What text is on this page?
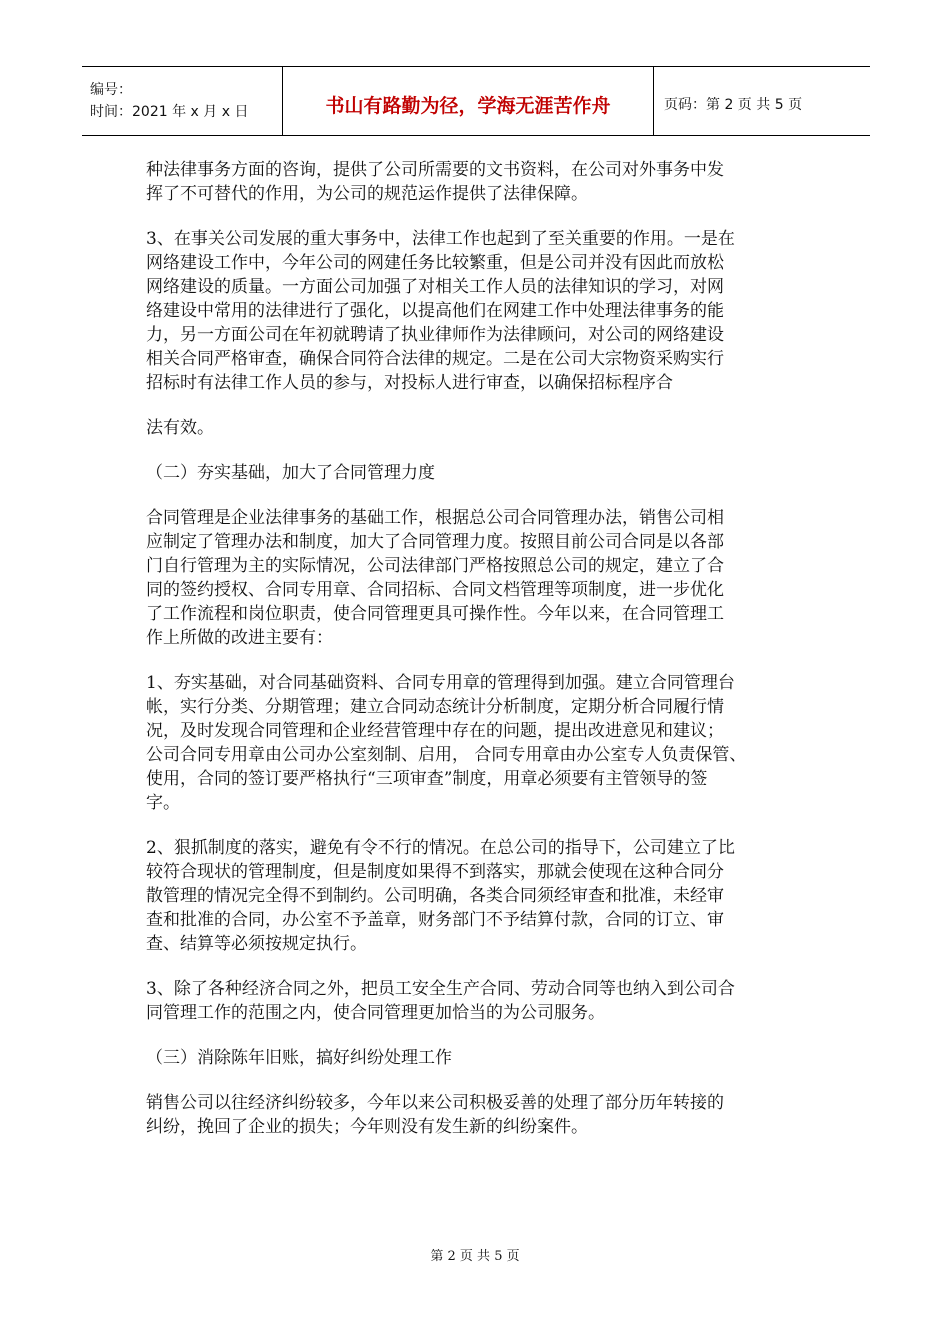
编号：
时间：2021 年 x 月 x 日	书山有路勤为径，学海无涯苦作舟	页码：第 2 页 共 5 页

种法律事务方面的咨询，提供了公司所需要的文书资料，在公司对外事务中发
挥了不可替代的作用，为公司的规范运作提供了法律保障。

3、在事关公司发展的重大事务中，法律工作也起到了至关重要的作用。一是在
网络建设工作中，今年公司的网建任务比较繁重，但是公司并没有因此而放松
网络建设的质量。一方面公司加强了对相关工作人员的法律知识的学习，对网
络建设中常用的法律进行了强化，以提高他们在网建工作中处理法律事务的能
力，另一方面公司在年初就聘请了执业律师作为法律顾问，对公司的网络建设
相关合同严格审查，确保合同符合法律的规定。二是在公司大宗物资采购实行
招标时有法律工作人员的参与，对投标人进行审查，以确保招标程序合

法有效。

（二）夯实基础，加大了合同管理力度

合同管理是企业法律事务的基础工作，根据总公司合同管理办法，销售公司相
应制定了管理办法和制度，加大了合同管理力度。按照目前公司合同是以各部
门自行管理为主的实际情况，公司法律部门严格按照总公司的规定，建立了合
同的签约授权、合同专用章、合同招标、合同文档管理等项制度，进一步优化
了工作流程和岗位职责，使合同管理更具可操作性。今年以来，在合同管理工
作上所做的改进主要有：

1、夯实基础，对合同基础资料、合同专用章的管理得到加强。建立合同管理台
帐，实行分类、分期管理；建立合同动态统计分析制度，定期分析合同履行情
况，及时发现合同管理和企业经营管理中存在的问题，提出改进意见和建议；
公司合同专用章由公司办公室刻制、启用， 合同专用章由办公室专人负责保管、
使用，合同的签订要严格执行“三项审查”制度，用章必须要有主管领导的签
字。

2、狠抓制度的落实，避免有令不行的情况。在总公司的指导下，公司建立了比
较符合现状的管理制度，但是制度如果得不到落实，那就会使现在这种合同分
散管理的情况完全得不到制约。公司明确，各类合同须经审查和批准，未经审
查和批准的合同，办公室不予盖章，财务部门不予结算付款，合同的订立、审
查、结算等必须按规定执行。

3、除了各种经济合同之外，把员工安全生产合同、劳动合同等也纳入到公司合
同管理工作的范围之内，使合同管理更加恰当的为公司服务。

（三）消除陈年旧账，搞好纠纷处理工作

销售公司以往经济纠纷较多，今年以来公司积极妥善的处理了部分历年转接的
纠纷，挽回了企业的损失；今年则没有发生新的纠纷案件。

第 2 页 共 5 页
